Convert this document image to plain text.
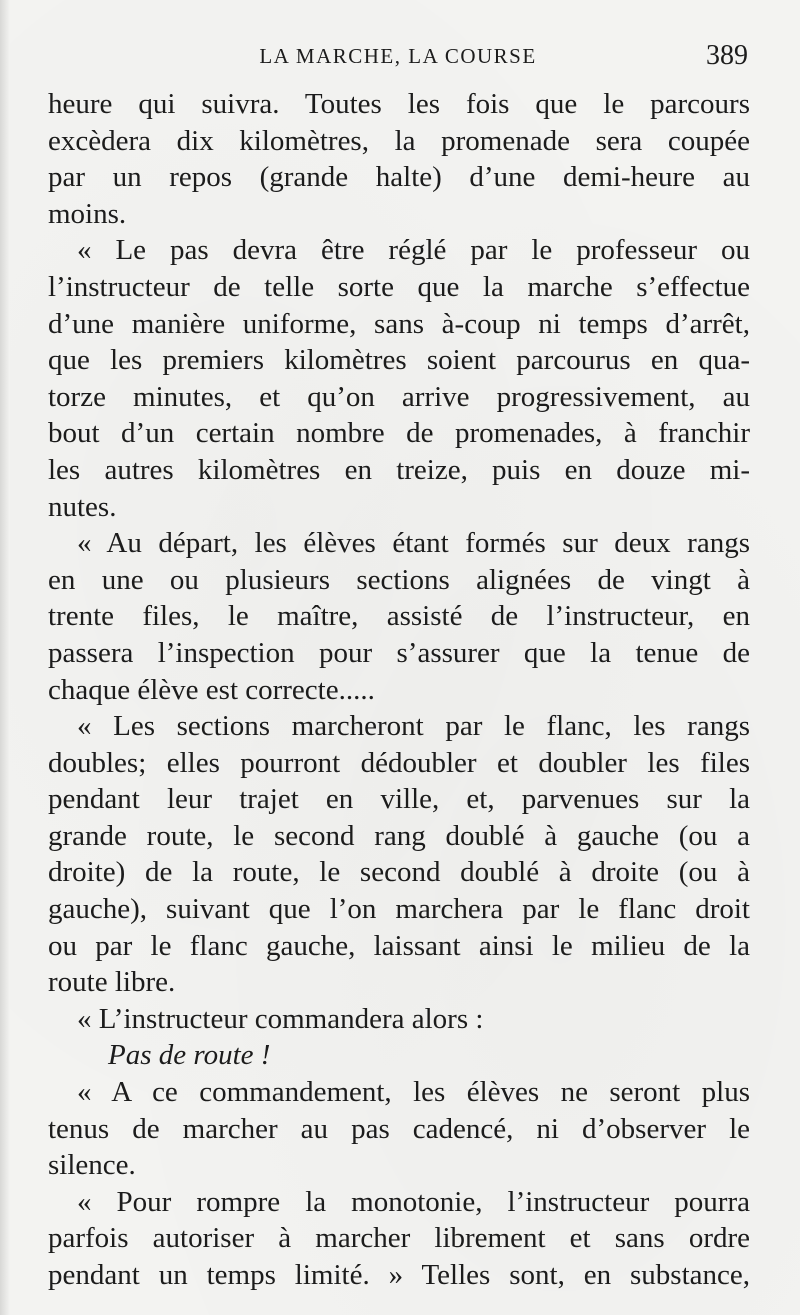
LA MARCHE, LA COURSE	389
heure qui suivra. Toutes les fois que le parcours
excèdera dix kilomètres, la promenade sera coupée
par un repos (grande halte) d’une demi-heure au
moins.
« Le pas devra être réglé par le professeur ou
l’instructeur de telle sorte que la marche s’effectue
d’une manière uniforme, sans à-coup ni temps d’arrêt,
que les premiers kilomètres soient parcourus en qua-
torze minutes, et qu’on arrive progressivement, au
bout d’un certain nombre de promenades, à franchir
les autres kilomètres en treize, puis en douze mi-
nutes.
« Au départ, les élèves étant formés sur deux rangs
en une ou plusieurs sections alignées de vingt à
trente files, le maître, assisté de l’instructeur, en
passera l’inspection pour s’assurer que la tenue de
chaque élève est correcte.....
« Les sections marcheront par le flanc, les rangs
doubles; elles pourront dédoubler et doubler les files
pendant leur trajet en ville, et, parvenues sur la
grande route, le second rang doublé à gauche (ou a
droite) de la route, le second doublé à droite (ou à
gauche), suivant que l’on marchera par le flanc droit
ou par le flanc gauche, laissant ainsi le milieu de la
route libre.
« L’instructeur commandera alors :
Pas de route !
« A ce commandement, les élèves ne seront plus
tenus de marcher au pas cadencé, ni d’observer le
silence.
« Pour rompre la monotonie, l’instructeur pourra
parfois autoriser à marcher librement et sans ordre
pendant un temps limité. » Telles sont, en substance,
